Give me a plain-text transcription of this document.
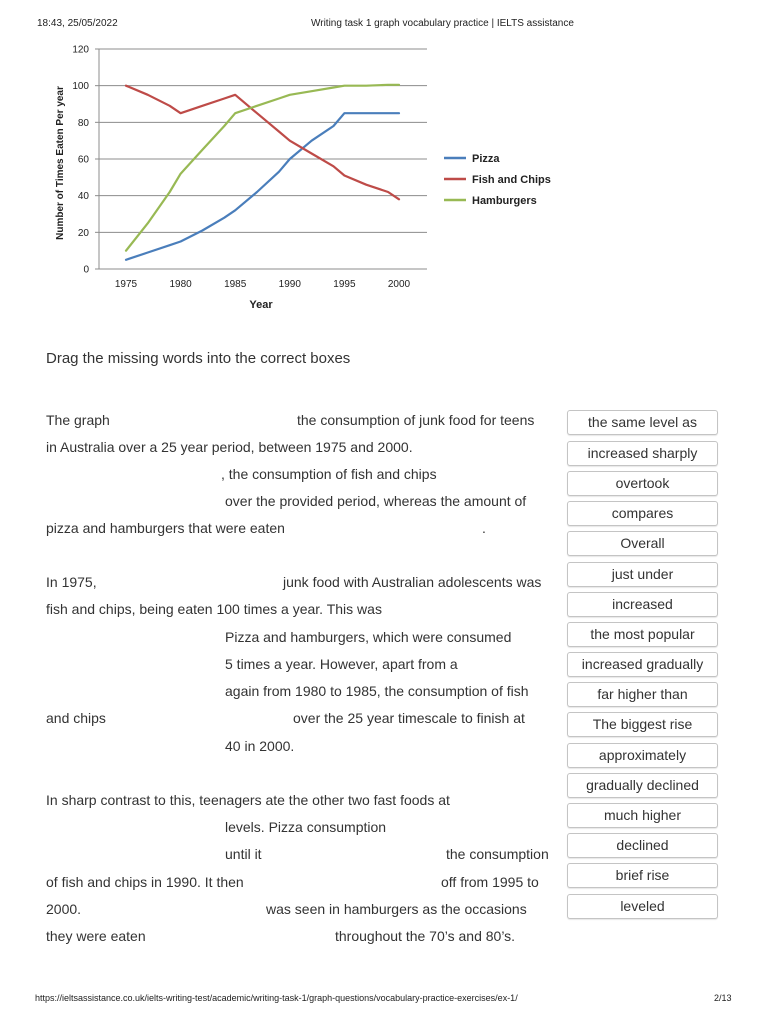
18:43, 25/05/2022	Writing task 1 graph vocabulary practice | IELTS assistance
0
20
40
60
80
100
120
1975	1980	1985	1990	1995	2000
Year
Number of Times Eaten Per year	Pizza
Fish and Chips
Hamburgers
Drag the missing words into the correct boxes
The graph	the consumption of junk food for teens
in Australia over a 25 year period, between 1975 and 2000.
, the consumption of fish and chips
over the provided period, whereas the amount of
pizza and hamburgers that were eaten	.
In 1975,	junk food with Australian adolescents was
fish and chips, being eaten 100 times a year. This was
Pizza and hamburgers, which were consumed
5 times a year. However, apart from a
again from 1980 to 1985, the consumption of fish
and chips	over the 25 year timescale to finish at
40 in 2000.
In sharp contrast to this, teenagers ate the other two fast foods at
levels. Pizza consumption
until it	the consumption
of fish and chips in 1990. It then	off from 1995 to
2000.	was seen in hamburgers as the occasions
they were eaten	throughout the 70’s and 80’s.
the same level as
increased sharply
overtook
compares
Overall
just under
increased
the most popular
increased gradually
far higher than
The biggest rise
approximately
gradually declined
much higher
declined
brief rise
leveled
https://ieltsassistance.co.uk/ielts-writing-test/academic/writing-task-1/graph-questions/vocabulary-practice-exercises/ex-1/	2/13
